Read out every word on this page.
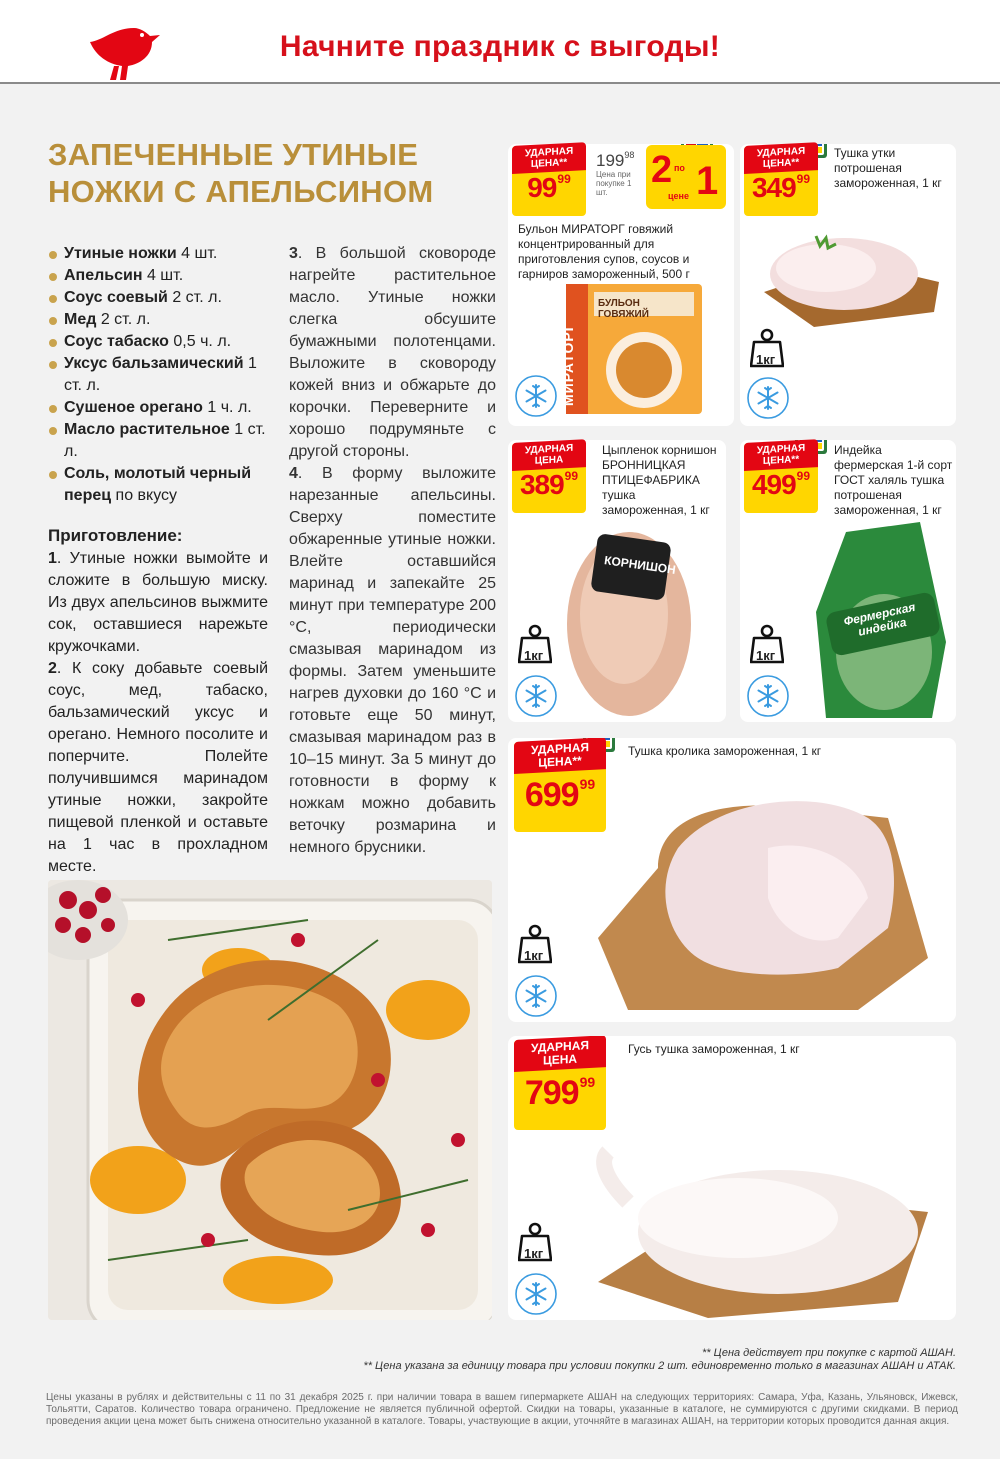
Начните праздник с выгоды!
ЗАПЕЧЕННЫЕ УТИНЫЕ
НОЖКИ С АПЕЛЬСИНОМ
Утиные ножки 4 шт.
Апельсин 4 шт.
Соус соевый 2 ст. л.
Мед 2 ст. л.
Соус табаско 0,5 ч. л.
Уксус бальзамический 1 ст. л.
Сушеное орегано 1 ч. л.
Масло растительное 1 ст. л.
Соль, молотый черный перец по вкусу
Приготовление:

1. Утиные ножки вымойте и сложите в большую миску. Из двух апельсинов выжмите сок, оставшиеся нарежьте кружочками.

2. К соку добавьте соевый соус, мед, табаско, бальзамический уксус и орегано. Немного посолите и поперчите. Полейте получившимся маринадом утиные ножки, закройте пищевой пленкой и оставьте на 1 час в прохладном месте.

3. В большой сковороде нагрейте растительное масло. Утиные ножки слегка обсушите бумажными полотенцами. Выложите в сковороду кожей вниз и обжарьте до корочки. Переверните и хорошо подрумяньте с другой стороны.

4. В форму выложите нарезанные апельсины. Сверху поместите обжаренные утиные ножки. Влейте оставшийся маринад и запекайте 25 минут при температуре 200 °C, периодически смазывая маринадом из формы. Затем уменьшите нагрев духовки до 160 °C и готовьте еще 50 минут, смазывая маринадом раз в 10–15 минут. За 5 минут до готовности в форму к ножкам можно добавить веточку розмарина и немного брусники.

МИРАТОРГ
БУЛЬОН ГОВЯЖИЙ
УДАРНАЯ ЦЕНА**
$99^{99}$
$199^{98}$
Цена при покупке 1 шт.
2 по 1
цене
Бульон МИРАТОРГ говяжий концентрированный для приготовления супов, соусов и гарниров замороженный, 500 г
1кг
УДАРНАЯ ЦЕНА**
$349^{99}$
Тушка утки потрошеная замороженная, 1 кг
КОРНИШОН
1кг
УДАРНАЯ ЦЕНА
$389^{99}$
Цыпленок корнишон БРОННИЦКАЯ ПТИЦЕФАБРИКА тушка замороженная, 1 кг
Фермерская индейка
1кг
УДАРНАЯ ЦЕНА**
$499^{99}$
Индейка фермерская 1-й сорт ГОСТ халяль тушка потрошеная замороженная, 1 кг
Тушка кролика замороженная, 1 кг
1кг
УДАРНАЯ ЦЕНА**
$699^{99}$
Гусь тушка замороженная, 1 кг
1кг
УДАРНАЯ ЦЕНА
$799^{99}$
** Цена действует при покупке с картой АШАН.
** Цена указана за единицу товара при условии покупки 2 шт. единовременно только в магазинах АШАН и АТАК.
Цены указаны в рублях и действительны с 11 по 31 декабря 2025 г. при наличии товара в вашем гипермаркете АШАН на следующих территориях: Самара, Уфа, Казань, Ульяновск, Ижевск, Тольятти, Саратов. Количество товара ограничено. Предложение не является публичной офертой. Скидки на товары, указанные в каталоге, не суммируются с другими скидками. В период проведения акции цена может быть снижена относительно указанной в каталоге. Товары, участвующие в акции, уточняйте в магазинах АШАН, на территории которых проводится данная акция.
